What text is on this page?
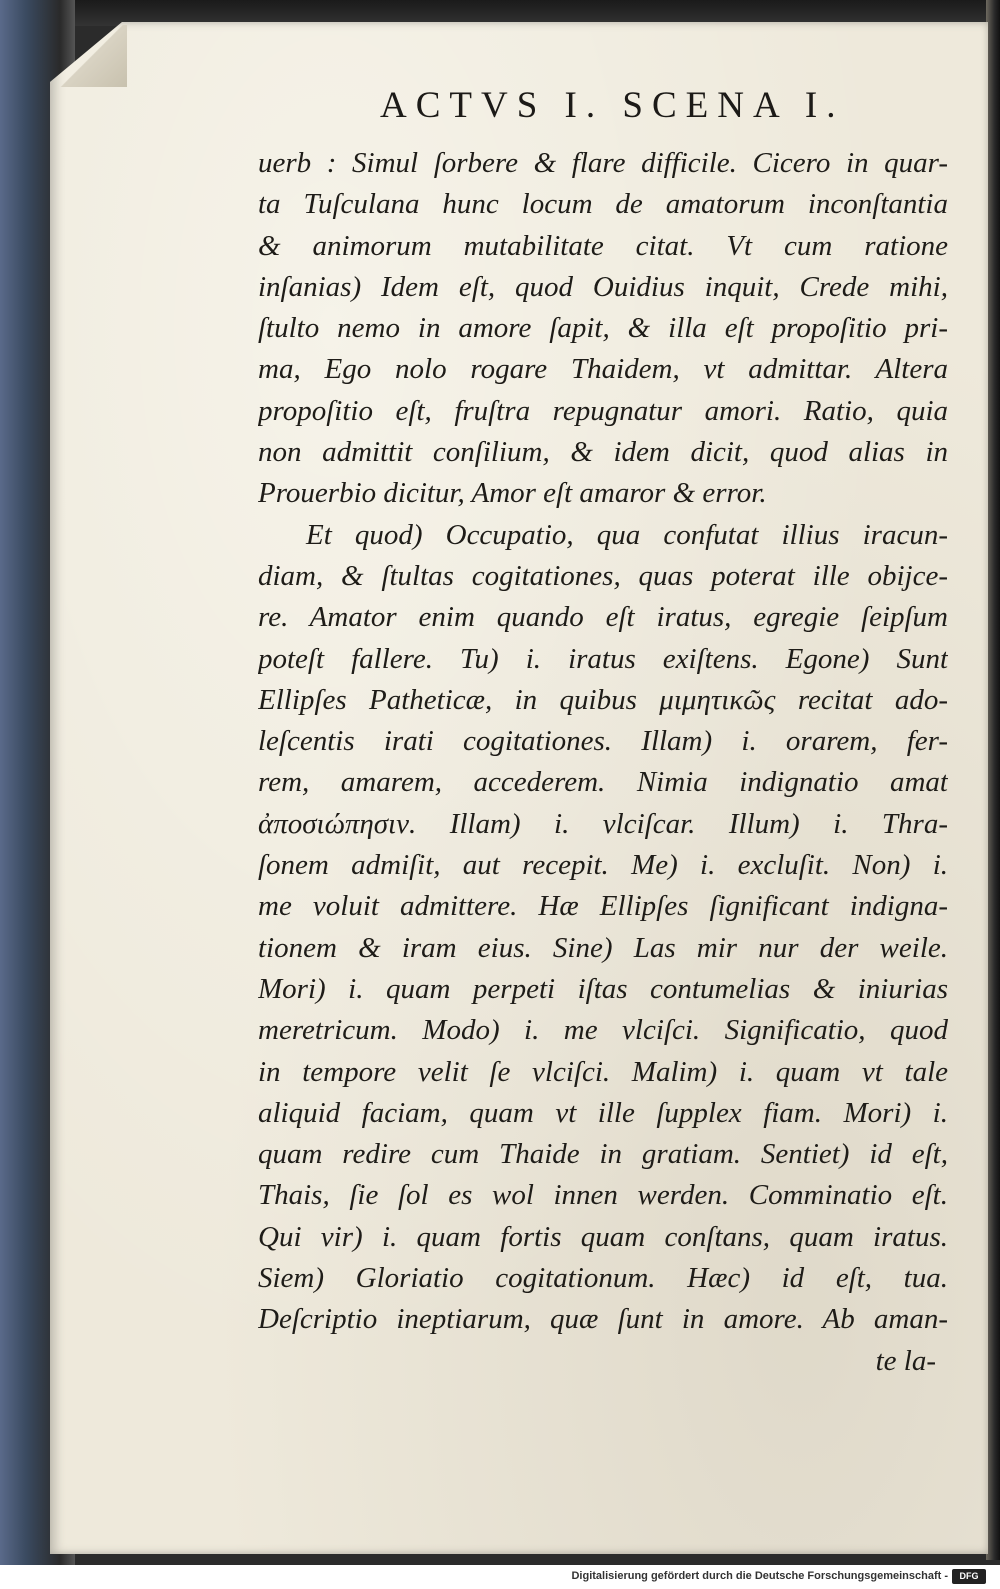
ACTVS I. SCENA I.
uerb : Simul ſorbere & flare difficile. Cicero in quar-
ta Tuſculana hunc locum de amatorum inconſtantia
& animorum mutabilitate citat. Vt cum ratione
inſanias) Idem eſt, quod Ouidius inquit, Crede mihi,
ſtulto nemo in amore ſapit, & illa eſt propoſitio pri-
ma, Ego nolo rogare Thaidem, vt admittar. Altera
propoſitio eſt, fruſtra repugnatur amori. Ratio, quia
non admittit conſilium, & idem dicit, quod alias in
Prouerbio dicitur, Amor eſt amaror & error.
Et quod) Occupatio, qua confutat illius iracun-
diam, & ſtultas cogitationes, quas poterat ille obijce-
re. Amator enim quando eſt iratus, egregie ſeipſum
poteſt fallere. Tu) i. iratus exiſtens. Egone) Sunt
Ellipſes Patheticæ, in quibus μιμητικῶς recitat ado-
leſcentis irati cogitationes. Illam) i. orarem, fer-
rem, amarem, accederem. Nimia indignatio amat
ἀποσιώπησιν. Illam) i. vlciſcar. Illum) i. Thra-
ſonem admiſit, aut recepit. Me) i. excluſit. Non) i.
me voluit admittere. Hæ Ellipſes ſignificant indigna-
tionem & iram eius. Sine) Las mir nur der weile.
Mori) i. quam perpeti iſtas contumelias & iniurias
meretricum. Modo) i. me vlciſci. Significatio, quod
in tempore velit ſe vlciſci. Malim) i. quam vt tale
aliquid faciam, quam vt ille ſupplex fiam. Mori) i.
quam redire cum Thaide in gratiam. Sentiet) id eſt,
Thais, ſie ſol es wol innen werden. Comminatio eſt.
Qui vir) i. quam fortis quam conſtans, quam iratus.
Siem) Gloriatio cogitationum. Hæc) id eſt, tua.
Deſcriptio ineptiarum, quæ ſunt in amore. Ab aman-
te la-
Digitalisierung gefördert durch die Deutsche Forschungsgemeinschaft -	DFG
